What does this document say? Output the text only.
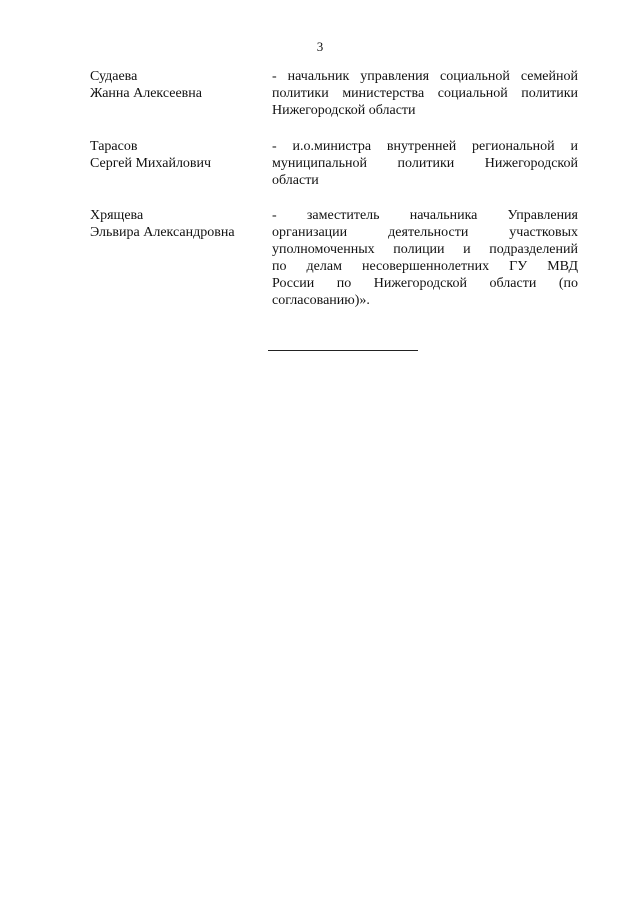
3
Судаева
Жанна Алексеевна
- начальник управления социальной семейной
политики министерства социальной политики
Нижегородской области
Тарасов
Сергей Михайлович
- и.о.министра внутренней региональной и
муниципальной политики Нижегородской
области
Хрящева
Эльвира Александровна
- заместитель начальника Управления
организации деятельности участковых
уполномоченных полиции и подразделений
по делам несовершеннолетних ГУ МВД
России по Нижегородской области (по
согласованию)».
